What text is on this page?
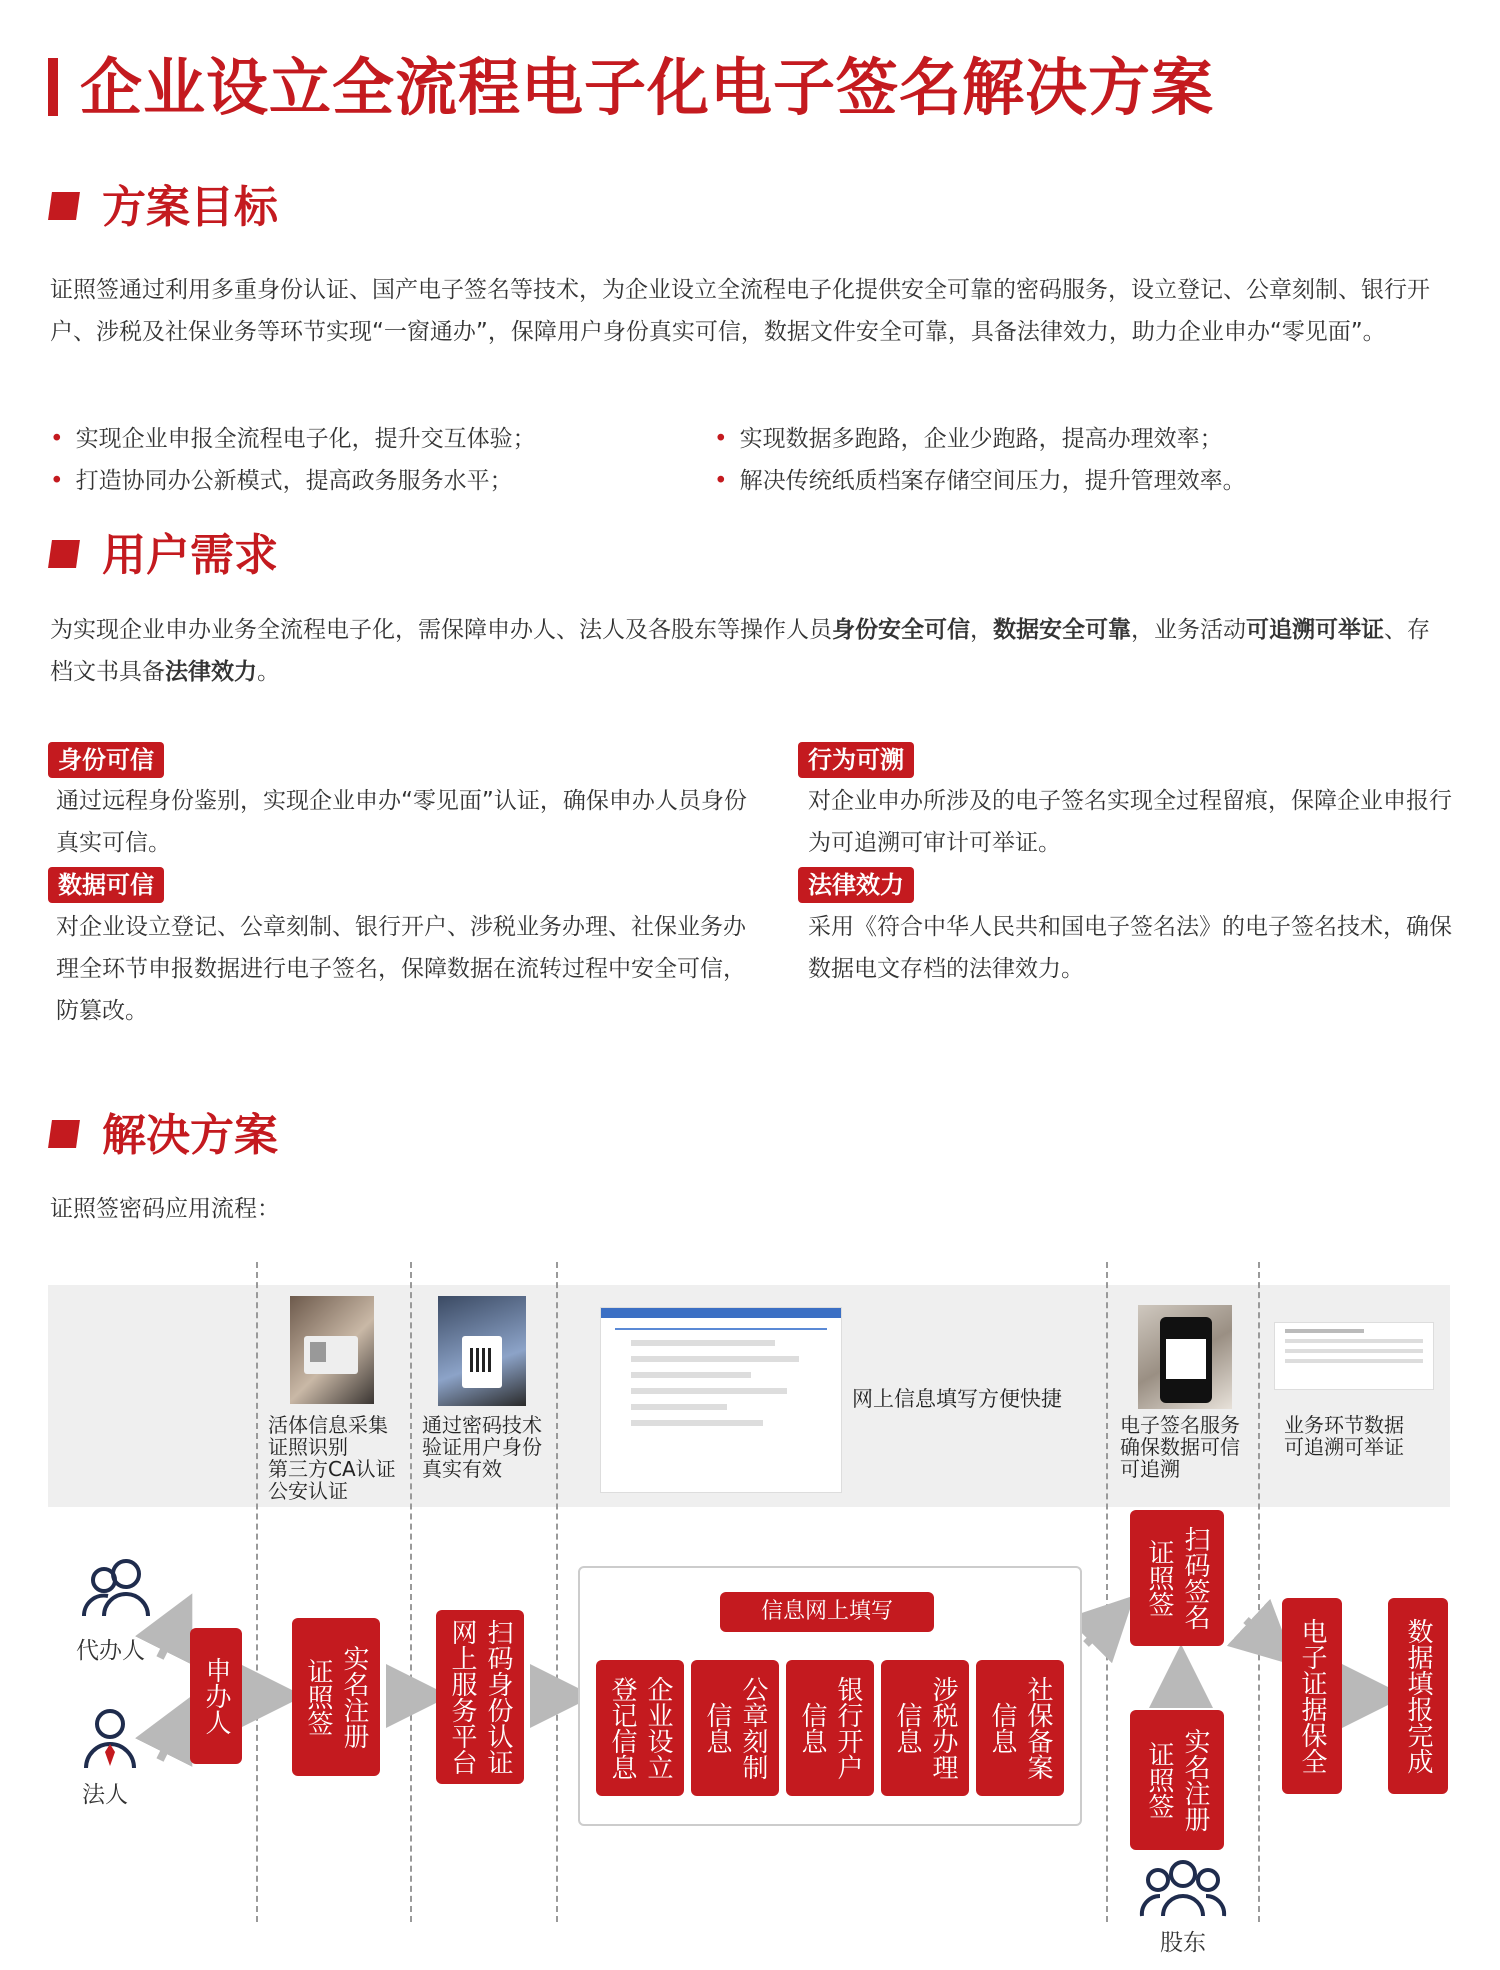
企业设立全流程电子化电子签名解决方案
方案目标
证照签通过利用多重身份认证、国产电子签名等技术，为企业设立全流程电子化提供安全可靠的密码服务，设立登记、公章刻制、银行开户、涉税及社保业务等环节实现“一窗通办”，保障用户身份真实可信，数据文件安全可靠，具备法律效力，助力企业申办“零见面”。
• 实现企业申报全流程电子化，提升交互体验；	• 实现数据多跑路，企业少跑路，提高办理效率；
• 打造协同办公新模式，提高政务服务水平；	• 解决传统纸质档案存储空间压力，提升管理效率。
用户需求
为实现企业申办业务全流程电子化，需保障申办人、法人及各股东等操作人员身份安全可信，数据安全可靠，业务活动可追溯可举证、存档文书具备法律效力。
身份可信
通过远程身份鉴别，实现企业申办“零见面”认证，确保申办人员身份真实可信。
行为可溯
对企业申办所涉及的电子签名实现全过程留痕，保障企业申报行为可追溯可审计可举证。
数据可信
对企业设立登记、公章刻制、银行开户、涉税业务办理、社保业务办理全环节申报数据进行电子签名，保障数据在流转过程中安全可信，防篡改。
法律效力
采用《符合中华人民共和国电子签名法》的电子签名技术，确保数据电文存档的法律效力。
解决方案
证照签密码应用流程：
网上信息填写方便快捷
活体信息采集
证照识别
第三方CA认证
公安认证
通过密码技术
验证用户身份
真实有效
电子签名服务
确保数据可信
可追溯
业务环节数据
可追溯可举证
代办人
法人
股东
申办人	实名注册
证照签	扫码身份认证
网上服务平台
信息网上填写
企业设立
登记信息	公章刻制
信息	银行开户
信息	涉税办理
信息	社保备案
信息
扫码签名
证照签
实名注册
证照签
电子证据保全	数据填报完成
